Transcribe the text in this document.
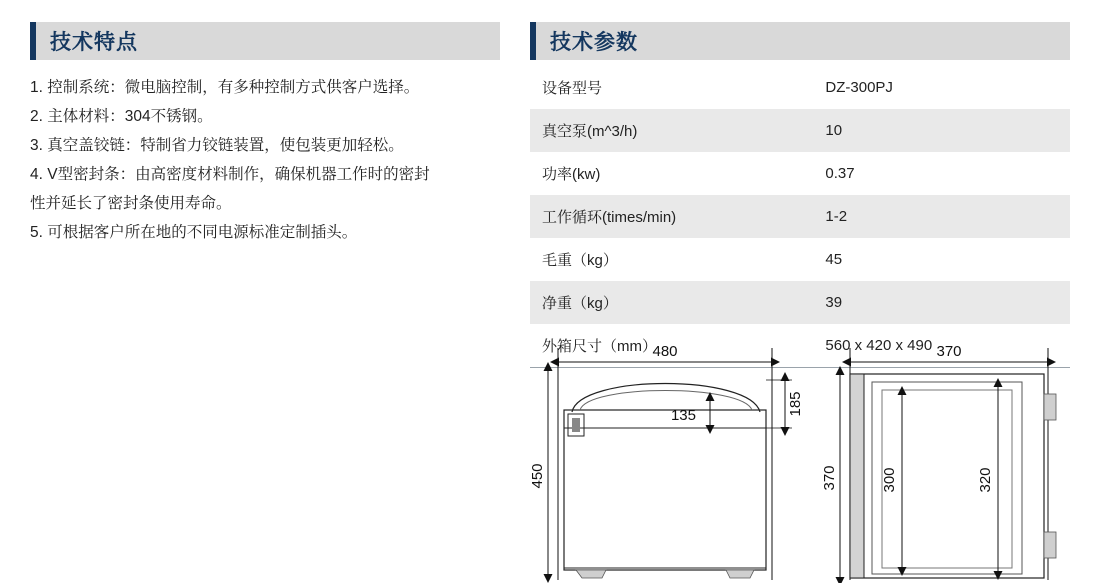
技术特点
1. 控制系统：微电脑控制，有多种控制方式供客户选择。
2. 主体材料：304不锈钢。
3. 真空盖铰链：特制省力铰链装置，使包装更加轻松。
4. V型密封条：由高密度材料制作，确保机器工作时的密封
性并延长了密封条使用寿命。
5. 可根据客户所在地的不同电源标准定制插头。
技术参数
设备型号	DZ-300PJ
真空泵(m^3/h)	10
功率(kw)	0.37
工作循环(times/min)	1-2
毛重（kg）	45
净重（kg）	39
外箱尺寸（mm）	560 x 420 x 490
480
450
185
135
370
370	300	320
